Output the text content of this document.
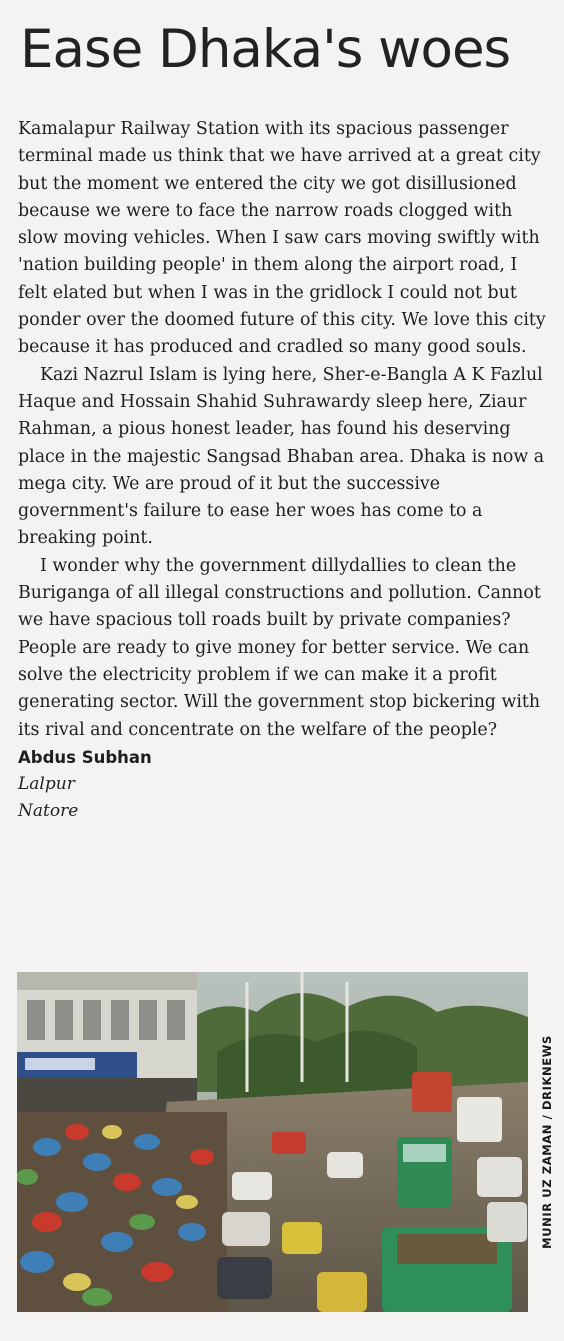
Ease Dhaka's woes

Kamalapur Railway Station with its spacious passenger terminal made us think that we have arrived at a great city but the moment we entered the city we got disillusioned because we were to face the narrow roads clogged with slow moving vehicles. When I saw cars moving swiftly with 'nation building people' in them along the airport road, I felt elated but when I was in the gridlock I could not but ponder over the doomed future of this city. We love this city because it has produced and cradled so many good souls.

Kazi Nazrul Islam is lying here, Sher-e-Bangla A K Fazlul Haque and Hossain Shahid Suhrawardy sleep here, Ziaur Rahman, a pious honest leader, has found his deserving place in the majestic Sangsad Bhaban area. Dhaka is now a mega city. We are proud of it but the successive government's failure to ease her woes has come to a breaking point.

I wonder why the government dillydallies to clean the Buriganga of all illegal constructions and pollution. Cannot we have spacious toll roads built by private companies? People are ready to give money for better service. We can solve the electricity problem if we can make it a profit generating sector. Will the government stop bickering with its rival and concentrate on the welfare of the people?

Abdus Subhan

Lalpur

Natore

MUNIR UZ ZAMAN / DRIKNEWS
